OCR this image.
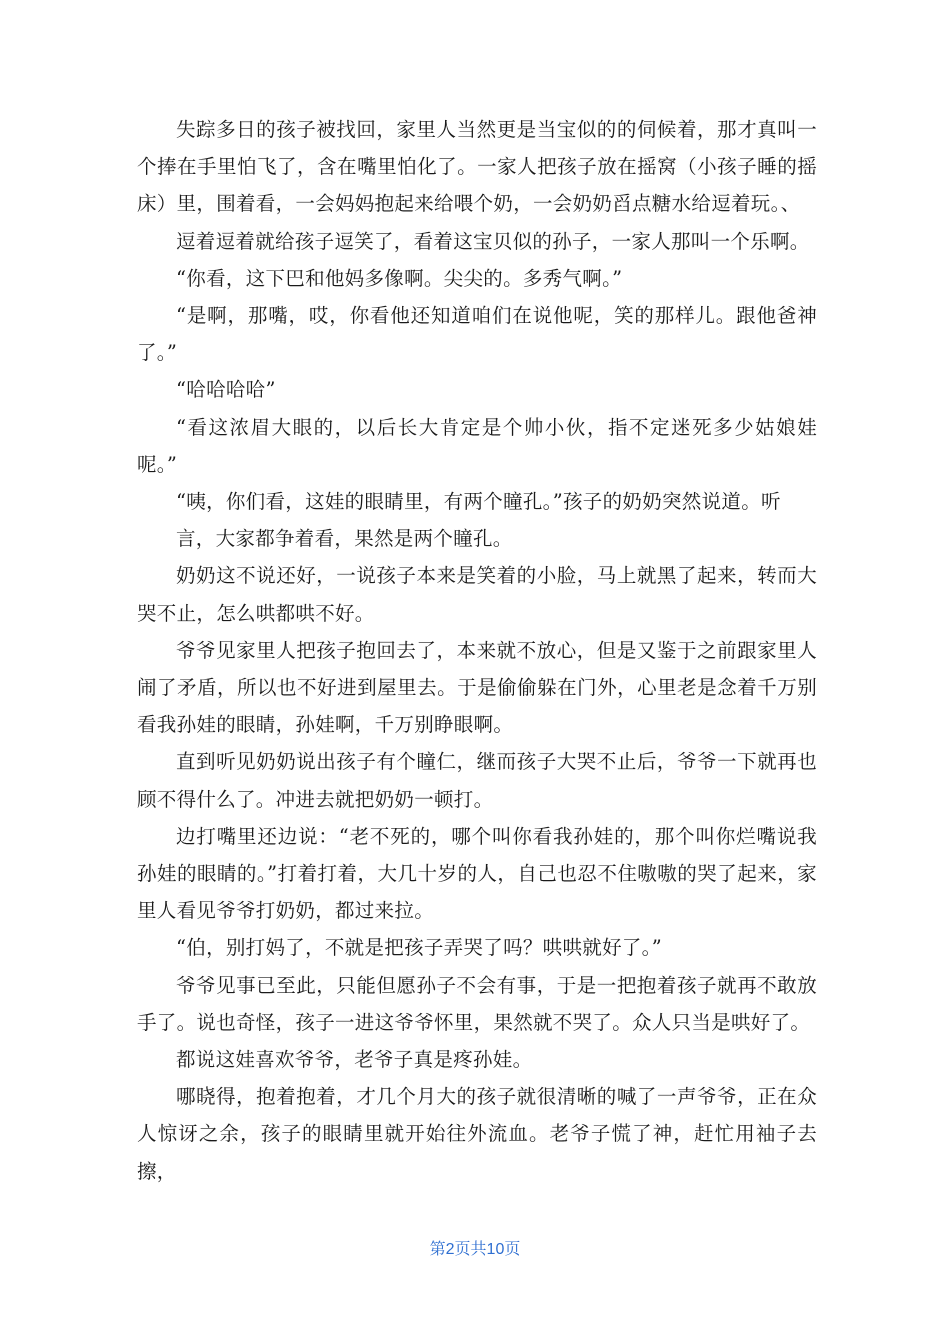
失踪多日的孩子被找回，家里人当然更是当宝似的的伺候着，那才真叫一个捧在手里怕飞了，含在嘴里怕化了。一家人把孩子放在摇窝（小孩子睡的摇床）里，围着看，一会妈妈抱起来给喂个奶，一会奶奶舀点糖水给逗着玩。、

逗着逗着就给孩子逗笑了，看着这宝贝似的孙子，一家人那叫一个乐啊。

“你看，这下巴和他妈多像啊。尖尖的。多秀气啊。”

“是啊，那嘴，哎，你看他还知道咱们在说他呢，笑的那样儿。跟他爸神了。”

“哈哈哈哈”

“看这浓眉大眼的，以后长大肯定是个帅小伙，指不定迷死多少姑娘娃呢。”

“咦，你们看，这娃的眼睛里，有两个瞳孔。”孩子的奶奶突然说道。听

言，大家都争着看，果然是两个瞳孔。

奶奶这不说还好，一说孩子本来是笑着的小脸，马上就黑了起来，转而大哭不止，怎么哄都哄不好。

爷爷见家里人把孩子抱回去了，本来就不放心，但是又鉴于之前跟家里人闹了矛盾，所以也不好进到屋里去。于是偷偷躲在门外，心里老是念着千万别看我孙娃的眼睛，孙娃啊，千万别睁眼啊。

直到听见奶奶说出孩子有个瞳仁，继而孩子大哭不止后，爷爷一下就再也顾不得什么了。冲进去就把奶奶一顿打。

边打嘴里还边说：“老不死的，哪个叫你看我孙娃的，那个叫你烂嘴说我孙娃的眼睛的。”打着打着，大几十岁的人，自己也忍不住嗷嗷的哭了起来，家里人看见爷爷打奶奶，都过来拉。

“伯，别打妈了，不就是把孩子弄哭了吗？哄哄就好了。”

爷爷见事已至此，只能但愿孙子不会有事，于是一把抱着孩子就再不敢放手了。说也奇怪，孩子一进这爷爷怀里，果然就不哭了。众人只当是哄好了。

都说这娃喜欢爷爷，老爷子真是疼孙娃。

哪晓得，抱着抱着，才几个月大的孩子就很清晰的喊了一声爷爷，正在众人惊讶之余，孩子的眼睛里就开始往外流血。老爷子慌了神，赶忙用袖子去擦，

第2页共10页
